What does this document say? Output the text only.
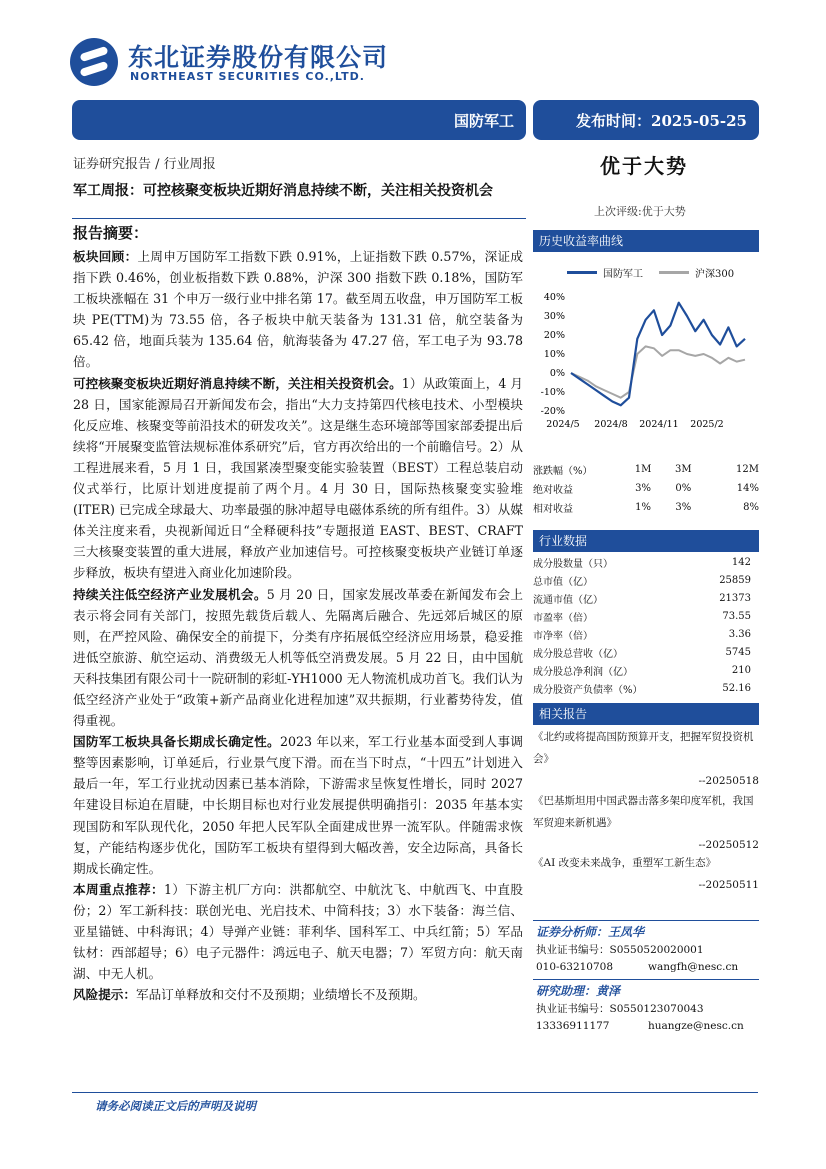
东北证券股份有限公司
NORTHEAST SECURITIES CO.,LTD.
国防军工	发布时间：2025-05-25
证券研究报告 / 行业周报
军工周报：可控核聚变板块近期好消息持续不断，关注相关投资机会
优于大势
上次评级:优于大势
报告摘要：

板块回顾：上周申万国防军工指数下跌 0.91%，上证指数下跌 0.57%，深证成指下跌 0.46%，创业板指数下跌 0.88%，沪深 300 指数下跌 0.18%，国防军工板块涨幅在 31 个申万一级行业中排名第 17。截至周五收盘，申万国防军工板块 PE(TTM)为 73.55 倍，各子板块中航天装备为 131.31 倍，航空装备为 65.42 倍，地面兵装为 135.64 倍，航海装备为 47.27 倍，军工电子为 93.78 倍。

可控核聚变板块近期好消息持续不断，关注相关投资机会。1）从政策面上，4 月 28 日，国家能源局召开新闻发布会，指出“大力支持第四代核电技术、小型模块化反应堆、核聚变等前沿技术的研发攻关”。这是继生态环境部等国家部委提出后续将“开展聚变监管法规标准体系研究”后，官方再次给出的一个前瞻信号。2）从工程进展来看，5 月 1 日，我国紧凑型聚变能实验装置（BEST）工程总装启动仪式举行，比原计划进度提前了两个月。4 月 30 日，国际热核聚变实验堆 (ITER) 已完成全球最大、功率最强的脉冲超导电磁体系统的所有组件。3）从媒体关注度来看，央视新闻近日“全释硬科技”专题报道 EAST、BEST、CRAFT 三大核聚变装置的重大进展，释放产业加速信号。可控核聚变板块产业链订单逐步释放，板块有望进入商业化加速阶段。

持续关注低空经济产业发展机会。5 月 20 日，国家发展改革委在新闻发布会上表示将会同有关部门，按照先载货后载人、先隔离后融合、先远郊后城区的原则，在严控风险、确保安全的前提下，分类有序拓展低空经济应用场景，稳妥推进低空旅游、航空运动、消费级无人机等低空消费发展。5 月 22 日，由中国航天科技集团有限公司十一院研制的彩虹-YH1000 无人物流机成功首飞。我们认为低空经济产业处于“政策+新产品商业化进程加速”双共振期，行业蓄势待发，值得重视。

国防军工板块具备长期成长确定性。2023 年以来，军工行业基本面受到人事调整等因素影响，订单延后，行业景气度下滑。而在当下时点，“十四五”计划进入最后一年，军工行业扰动因素已基本消除，下游需求呈恢复性增长，同时 2027 年建设目标迫在眉睫，中长期目标也对行业发展提供明确指引：2035 年基本实现国防和军队现代化，2050 年把人民军队全面建成世界一流军队。伴随需求恢复，产能结构逐步优化，国防军工板块有望得到大幅改善，安全边际高，具备长期成长确定性。

本周重点推荐：1）下游主机厂方向：洪都航空、中航沈飞、中航西飞、中直股份；2）军工新科技：联创光电、光启技术、中简科技；3）水下装备：海兰信、亚星锚链、中科海讯；4）导弹产业链：菲利华、国科军工、中兵红箭；5）军品钛材：西部超导；6）电子元器件：鸿远电子、航天电器；7）军贸方向：航天南湖、中无人机。

风险提示：军品订单释放和交付不及预期；业绩增长不及预期。

历史收益率曲线
国防军工	沪深300
40%
30%
20%
10%
0%
-10%
-20%
2024/5 2024/8 2024/11 2025/2
涨跌幅（%）	1M	3M	12M
绝对收益	3%	0%	14%
相对收益	1%	3%	8%
行业数据
成分股数量（只）	142
总市值（亿）	25859
流通市值（亿）	21373
市盈率（倍）	73.55
市净率（倍）	3.36
成分股总营收（亿）	5745
成分股总净利润（亿）	210
成分股资产负债率（%）	52.16
相关报告
《北约或将提高国防预算开支，把握军贸投资机会》
--20250518
《巴基斯坦用中国武器击落多架印度军机，我国军贸迎来新机遇》
--20250512
《AI 改变未来战争，重塑军工新生态》
--20250511
证券分析师：王凤华
执业证书编号：S0550520020001
010-63210708	wangfh@nesc.cn
研究助理：黄泽
执业证书编号：S0550123070043
13336911177	huangze@nesc.cn
请务必阅读正文后的声明及说明
